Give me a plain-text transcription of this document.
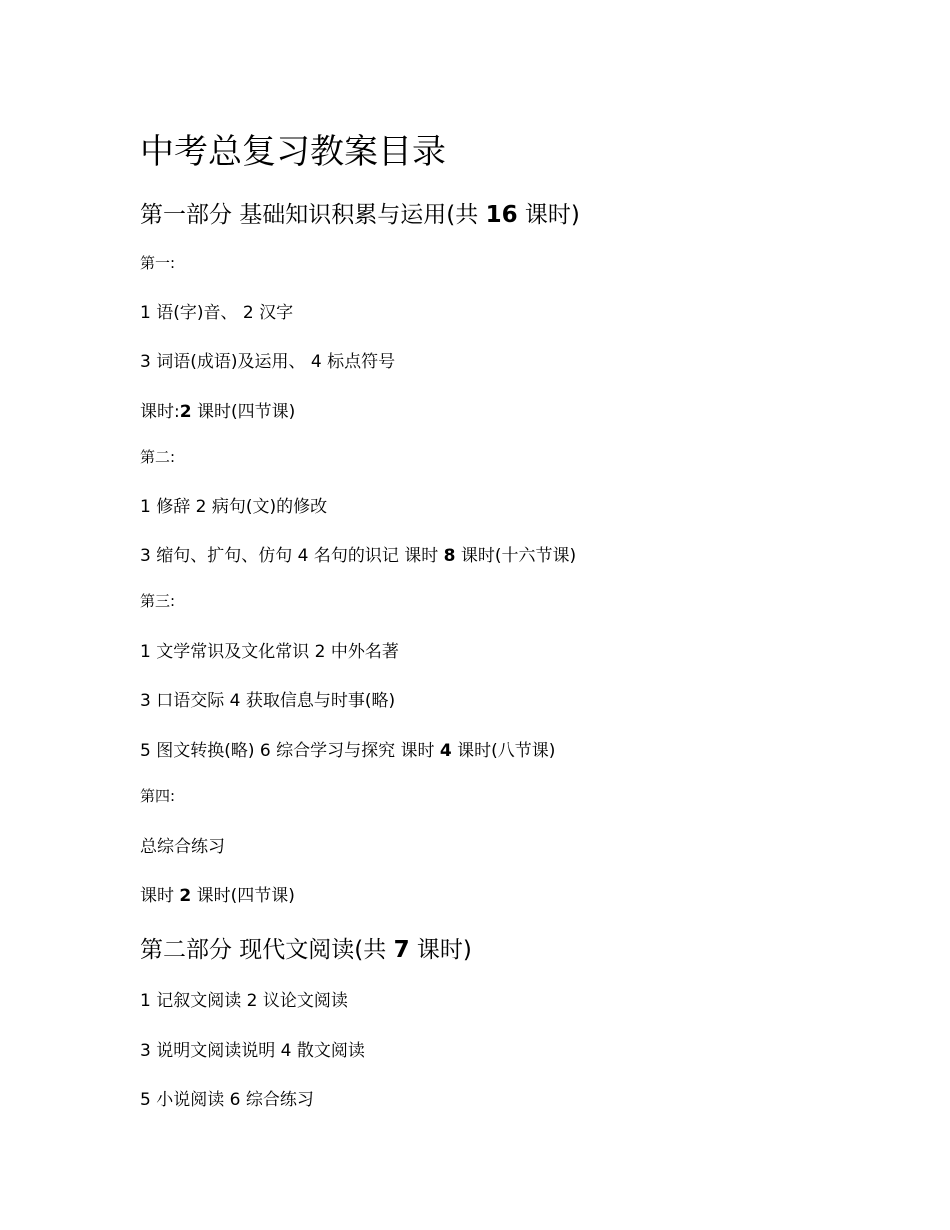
中考总复习教案目录
第一部分 基础知识积累与运用(共 16 课时)
第一:
1 语(字)音、 2 汉字
3 词语(成语)及运用、 4 标点符号
课时:2 课时(四节课)
第二:
1 修辞 2 病句(文)的修改
3 缩句、扩句、仿句 4 名句的识记 课时 8 课时(十六节课)
第三:
1 文学常识及文化常识 2 中外名著
3 口语交际 4 获取信息与时事(略)
5 图文转换(略) 6 综合学习与探究 课时 4 课时(八节课)
第四:
总综合练习
课时 2 课时(四节课)
第二部分 现代文阅读(共 7 课时)
1 记叙文阅读 2 议论文阅读
3 说明文阅读说明 4 散文阅读
5 小说阅读 6 综合练习
